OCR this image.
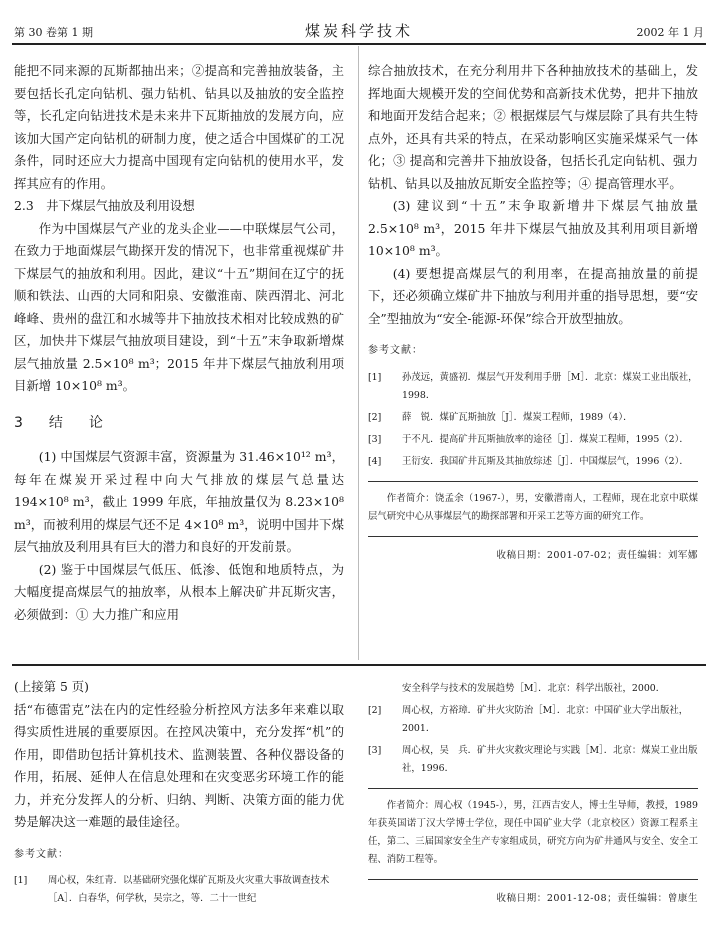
第 30 卷第 1 期	煤炭科学技术	2002 年 1 月

能把不同来源的瓦斯都抽出来；②提高和完善抽放装备，主要包括长孔定向钻机、强力钻机、钻具以及抽放的安全监控等，长孔定向钻进技术是未来井下瓦斯抽放的发展方向，应该加大国产定向钻机的研制力度，使之适合中国煤矿的工况条件，同时还应大力提高中国现有定向钻机的使用水平，发挥其应有的作用。

2.3　井下煤层气抽放及利用设想

作为中国煤层气产业的龙头企业——中联煤层气公司，在致力于地面煤层气勘探开发的情况下，也非常重视煤矿井下煤层气的抽放和利用。因此，建议“十五”期间在辽宁的抚顺和铁法、山西的大同和阳泉、安徽淮南、陕西渭北、河北峰峰、贵州的盘江和水城等井下抽放技术相对比较成熟的矿区，加快井下煤层气抽放项目建设，到“十五”末争取新增煤层气抽放量 2.5×10⁸ m³；2015 年井下煤层气抽放利用项目新增 10×10⁸ m³。

3　结　论

(1) 中国煤层气资源丰富，资源量为 31.46×10¹² m³，每年在煤炭开采过程中向大气排放的煤层气总量达 194×10⁸ m³，截止 1999 年底，年抽放量仅为 8.23×10⁸ m³，而被利用的煤层气还不足 4×10⁸ m³，说明中国井下煤层气抽放及利用具有巨大的潜力和良好的开发前景。

(2) 鉴于中国煤层气低压、低渗、低饱和地质特点，为大幅度提高煤层气的抽放率，从根本上解决矿井瓦斯灾害，必须做到：① 大力推广和应用

综合抽放技术，在充分利用井下各种抽放技术的基础上，发挥地面大规模开发的空间优势和高新技术优势，把井下抽放和地面开发结合起来；② 根据煤层气与煤层除了具有共生特点外，还具有共采的特点，在采动影响区实施采煤采气一体化；③ 提高和完善井下抽放设备，包括长孔定向钻机、强力钻机、钻具以及抽放瓦斯安全监控等；④ 提高管理水平。

(3) 建议到“十五”末争取新增井下煤层气抽放量 2.5×10⁸ m³，2015 年井下煤层气抽放及其利用项目新增 10×10⁸ m³。

(4) 要想提高煤层气的利用率，在提高抽放量的前提下，还必须确立煤矿井下抽放与利用并重的指导思想，要“安全”型抽放为“安全-能源-环保”综合开放型抽放。

参考文献：

[1]	孙茂远，黄盛初．煤层气开发利用手册［M］．北京：煤炭工业出版社，1998．
[2]	薛　锐．煤矿瓦斯抽放［J］．煤炭工程师，1989（4）．
[3]	于不凡．提高矿井瓦斯抽放率的途径［J］．煤炭工程师，1995（2）．
[4]	王衍安．我国矿井瓦斯及其抽放综述［J］．中国煤层气，1996（2）．

作者简介：饶孟余（1967-），男，安徽潜南人，工程师，现在北京中联煤层气研究中心从事煤层气的勘探部署和开采工艺等方面的研究工作。

收稿日期：2001-07-02；责任编辑：刘军娜

(上接第 5 页)

括“布德雷克”法在内的定性经验分析控风方法多年来难以取得实质性进展的重要原因。在控风决策中，充分发挥“机”的作用，即借助包括计算机技术、监测装置、各种仪器设备的作用，拓展、延伸人在信息处理和在灾变恶劣环境工作的能力，并充分发挥人的分析、归纳、判断、决策方面的能力优势是解决这一难题的最佳途径。

参考文献：

[1]	周心权，朱红青．以基础研究强化煤矿瓦斯及火灾重大事故调查技术［A］．白春华，何学秋，吴宗之，等．二十一世纪
安全科学与技术的发展趋势［M］．北京：科学出版社，2000．
[2]	周心权，方裕璋．矿井火灾防治［M］．北京：中国矿业大学出版社，2001．
[3]	周心权，吴　兵．矿井火灾救灾理论与实践［M］．北京：煤炭工业出版社，1996．

作者简介：周心权（1945-），男，江西吉安人，博士生导师，教授，1989 年获英国诺丁汉大学博士学位，现任中国矿业大学（北京校区）资源工程系主任，第二、三届国家安全生产专家组成员，研究方向为矿井通风与安全、安全工程、消防工程等。

收稿日期：2001-12-08；责任编辑：曾康生
